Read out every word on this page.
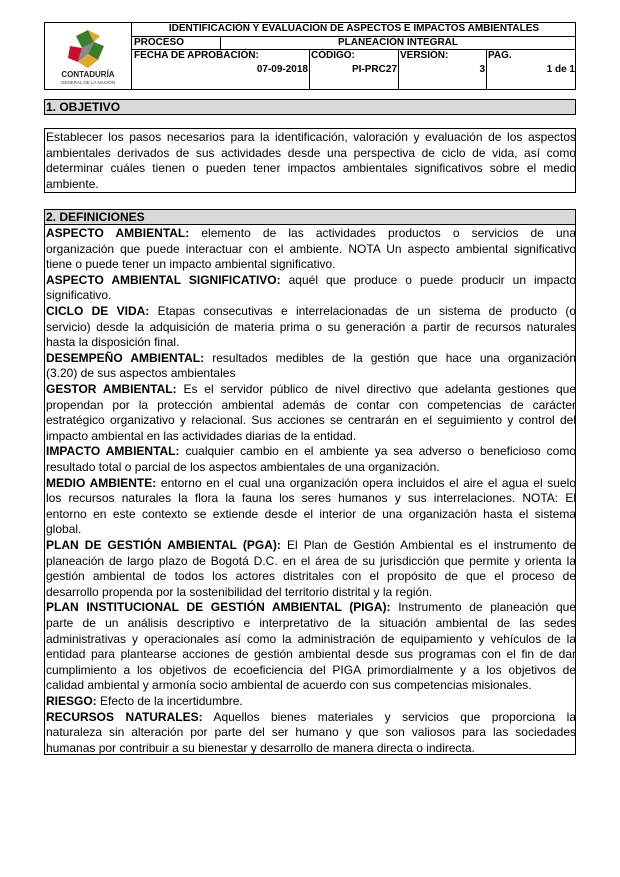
CONTADURÍA
GENERAL DE LA NACIÓN
IDENTIFICACIÓN Y EVALUACIÓN DE ASPECTOS E IMPACTOS AMBIENTALES
PROCESO	PLANEACIÓN INTEGRAL
FECHA DE APROBACIÓN:
07-09-2018
CÓDIGO:
PI-PRC27
VERSIÓN:
3
PAG.
1 de 1
1. OBJETIVO
Establecer los pasos necesarios para la identificación, valoración y evaluación de los aspectos
ambientales derivados de sus actividades desde una perspectiva de ciclo de vida, así como
determinar cuáles tienen o pueden tener impactos ambientales significativos sobre el medio
ambiente.
2. DEFINICIONES
ASPECTO AMBIENTAL: elemento de las actividades productos o servicios de una
organización que puede interactuar con el ambiente. NOTA Un aspecto ambiental significativo
tiene o puede tener un impacto ambiental significativo.
ASPECTO AMBIENTAL SIGNIFICATIVO: aquél que produce o puede producir un impacto
significativo.
CICLO DE VIDA: Etapas consecutivas e interrelacionadas de un sistema de producto (o
servicio) desde la adquisición de materia prima o su generación a partir de recursos naturales
hasta la disposición final.
DESEMPEÑO AMBIENTAL: resultados medibles de la gestión que hace una organización
(3.20) de sus aspectos ambientales
GESTOR AMBIENTAL: Es el servidor público de nivel directivo que adelanta gestiones que
propendan por la protección ambiental además de contar con competencias de carácter
estratégico organizativo y relacional. Sus acciones se centrarán en el seguimiento y control del
impacto ambiental en las actividades diarias de la entidad.
IMPACTO AMBIENTAL: cualquier cambio en el ambiente ya sea adverso o beneficioso como
resultado total o parcial de los aspectos ambientales de una organización.
MEDIO AMBIENTE: entorno en el cual una organización opera incluidos el aire el agua el suelo
los recursos naturales la flora la fauna los seres humanos y sus interrelaciones. NOTA: El
entorno en este contexto se extiende desde el interior de una organización hasta el sistema
global.
PLAN DE GESTIÓN AMBIENTAL (PGA): El Plan de Gestión Ambiental es el instrumento de
planeación de largo plazo de Bogotá D.C. en el área de su jurisdicción que permite y orienta la
gestión ambiental de todos los actores distritales con el propósito de que el proceso de
desarrollo propenda por la sostenibilidad del territorio distrital y la región.
PLAN INSTITUCIONAL DE GESTIÓN AMBIENTAL (PIGA): Instrumento de planeación que
parte de un análisis descriptivo e interpretativo de la situación ambiental de las sedes
administrativas y operacionales así como la administración de equipamiento y vehículos de la
entidad para plantearse acciones de gestión ambiental desde sus programas con el fin de dar
cumplimiento a los objetivos de ecoeficiencia del PIGA primordialmente y a los objetivos de
calidad ambiental y armonía socio ambiental de acuerdo con sus competencias misionales.
RIESGO: Efecto de la incertidumbre.
RECURSOS NATURALES: Aquellos bienes materiales y servicios que proporciona la
naturaleza sin alteración por parte del ser humano y que son valiosos para las sociedades
humanas por contribuir a su bienestar y desarrollo de manera directa o indirecta.
